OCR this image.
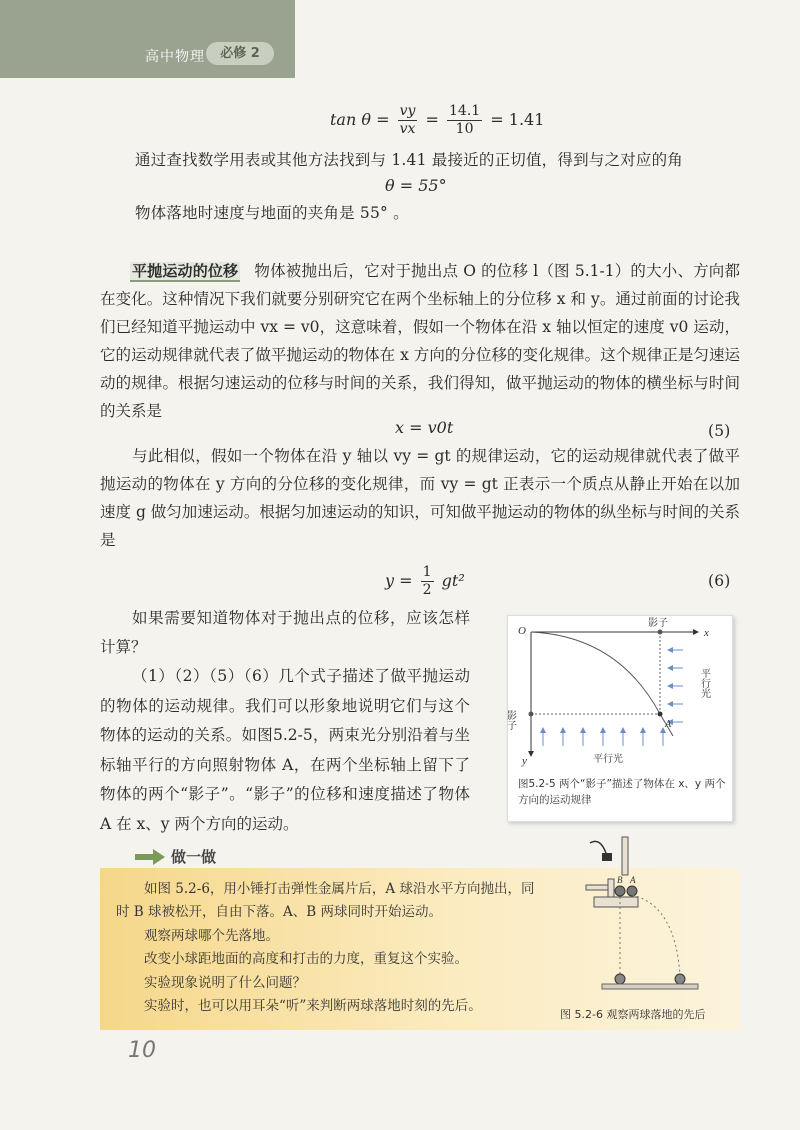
高中物理	必修 2
$\tan \theta = \frac{vy}{vx} = \frac{14.1}{10} = 1.41$
通过查找数学用表或其他方法找到与 1.41 最接近的正切值，得到与之对应的角
θ = 55°
物体落地时速度与地面的夹角是 55° 。

平抛运动的位移 物体被抛出后，它对于抛出点 O 的位移 l（图 5.1-1）的大小、方向都在变化。这种情况下我们就要分别研究它在两个坐标轴上的分位移 x 和 y。通过前面的讨论我们已经知道平抛运动中 vx = v0，这意味着，假如一个物体在沿 x 轴以恒定的速度 v0 运动，它的运动规律就代表了做平抛运动的物体在 x 方向的分位移的变化规律。这个规律正是匀速运动的规律。根据匀速运动的位移与时间的关系，我们得知，做平抛运动的物体的横坐标与时间的关系是

x = v0t	(5)

与此相似，假如一个物体在沿 y 轴以 vy = gt 的规律运动，它的运动规律就代表了做平抛运动的物体在 y 方向的分位移的变化规律，而 vy = gt 正表示一个质点从静止开始在以加速度 g 做匀加速运动。根据匀加速运动的知识，可知做平抛运动的物体的纵坐标与时间的关系是

$y = \frac{1}{2} gt^2$	(6)

如果需要知道物体对于抛出点的位移，应该怎样计算？

（1）（2）（5）（6）几个式子描述了做平抛运动的物体的运动规律。我们可以形象地说明它们与这个物体的运动的关系。如图5.2-5，两束光分别沿着与坐标轴平行的方向照射物体 A，在两个坐标轴上留下了物体的两个“影子”。“影子”的位移和速度描述了物体 A 在 x、y 两个方向的运动。

O	x
y
A
影子
影子
平行光
平行光
图5.2-5 两个“影子”描述了物体在 x、y 两个方向的运动规律
做一做

如图 5.2-6，用小锤打击弹性金属片后，A 球沿水平方向抛出，同时 B 球被松开，自由下落。A、B 两球同时开始运动。

观察两球哪个先落地。

改变小球距地面的高度和打击的力度，重复这个实验。

实验现象说明了什么问题？

实验时，也可以用耳朵“听”来判断两球落地时刻的先后。

图 5.2-6 观察两球落地的先后
B A
10
